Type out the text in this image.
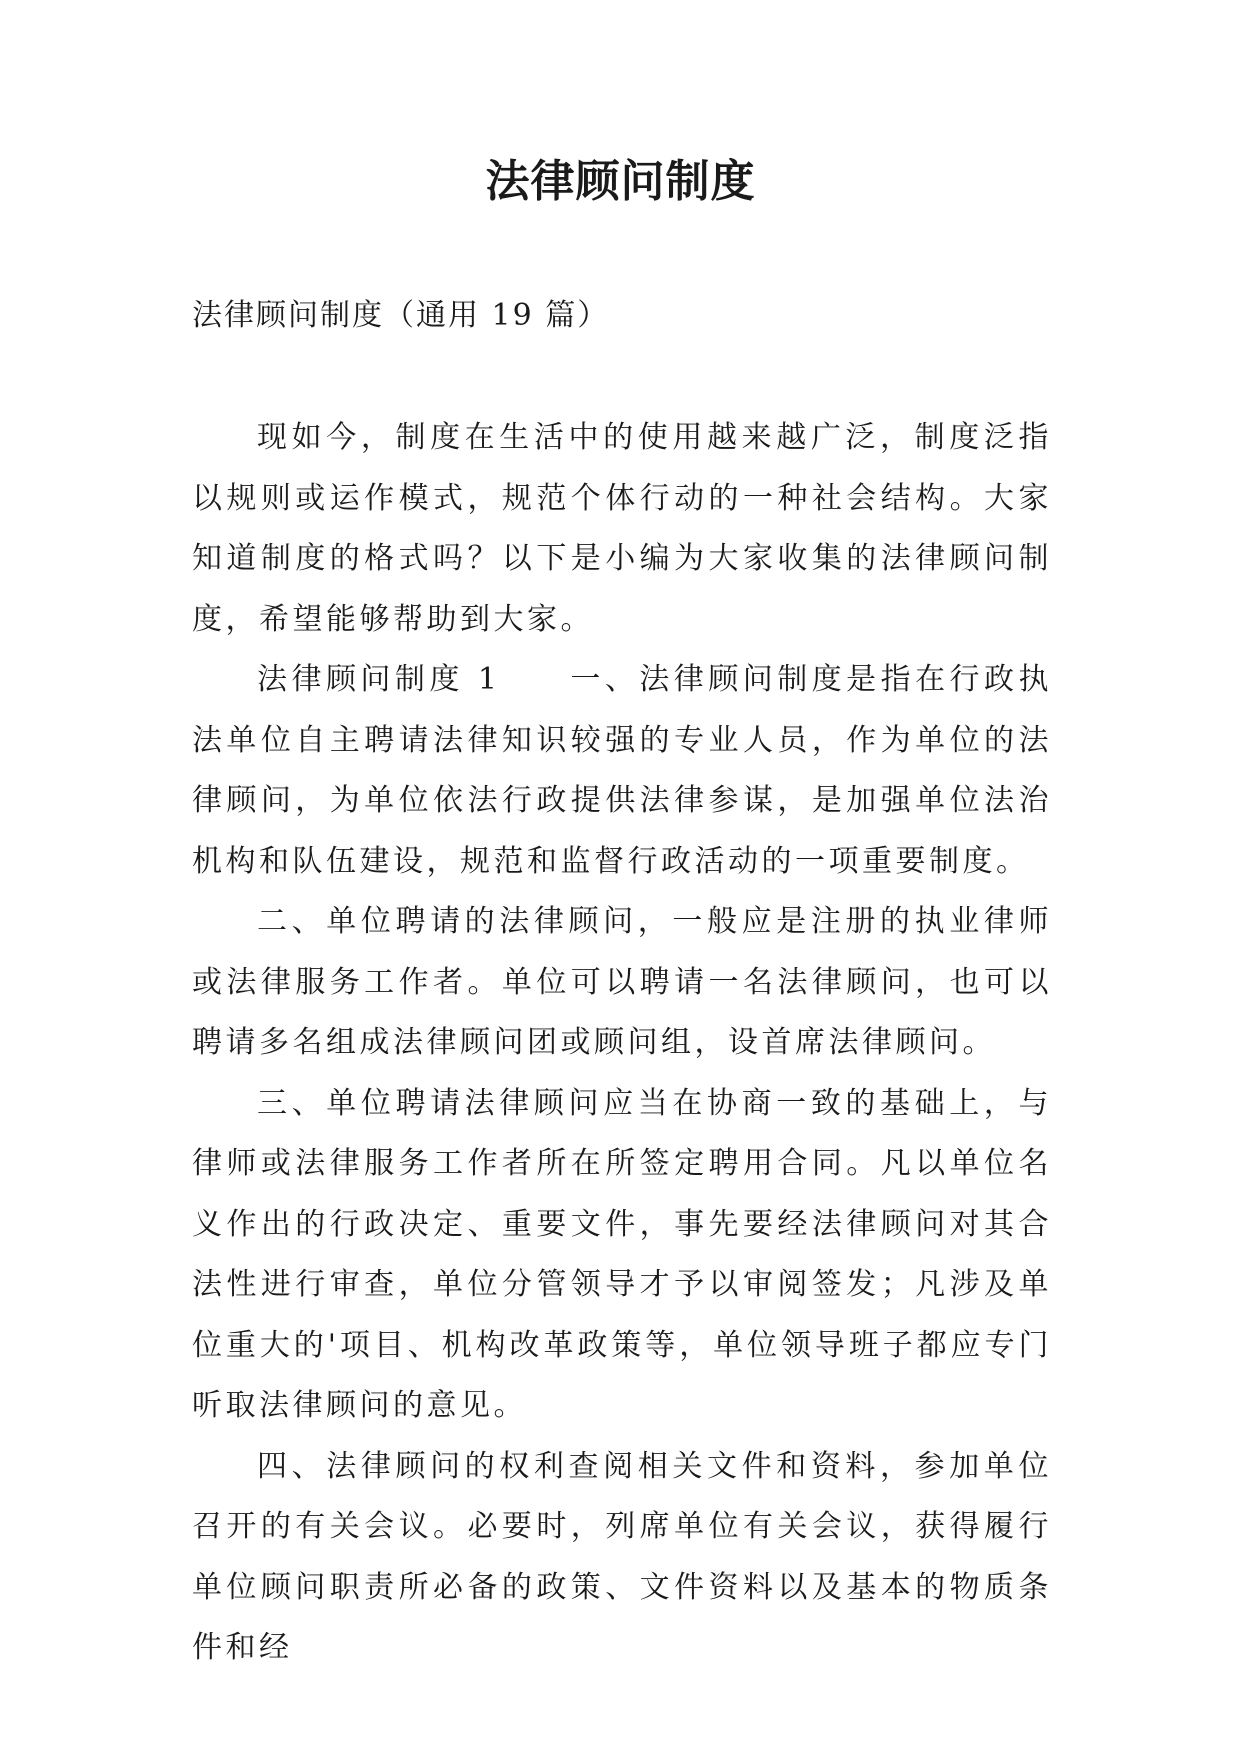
法律顾问制度

法律顾问制度（通用 19 篇）

现如今，制度在生活中的使用越来越广泛，制度泛指以规则或运作模式，规范个体行动的一种社会结构。大家知道制度的格式吗？以下是小编为大家收集的法律顾问制度，希望能够帮助到大家。

法律顾问制度 1　　一、法律顾问制度是指在行政执法单位自主聘请法律知识较强的专业人员，作为单位的法律顾问，为单位依法行政提供法律参谋，是加强单位法治机构和队伍建设，规范和监督行政活动的一项重要制度。

二、单位聘请的法律顾问，一般应是注册的执业律师或法律服务工作者。单位可以聘请一名法律顾问，也可以聘请多名组成法律顾问团或顾问组，设首席法律顾问。

三、单位聘请法律顾问应当在协商一致的基础上，与律师或法律服务工作者所在所签定聘用合同。凡以单位名义作出的行政决定、重要文件，事先要经法律顾问对其合法性进行审查，单位分管领导才予以审阅签发；凡涉及单位重大的'项目、机构改革政策等，单位领导班子都应专门听取法律顾问的意见。

四、法律顾问的权利查阅相关文件和资料，参加单位召开的有关会议。必要时，列席单位有关会议，获得履行单位顾问职责所必备的政策、文件资料以及基本的物质条件和经
